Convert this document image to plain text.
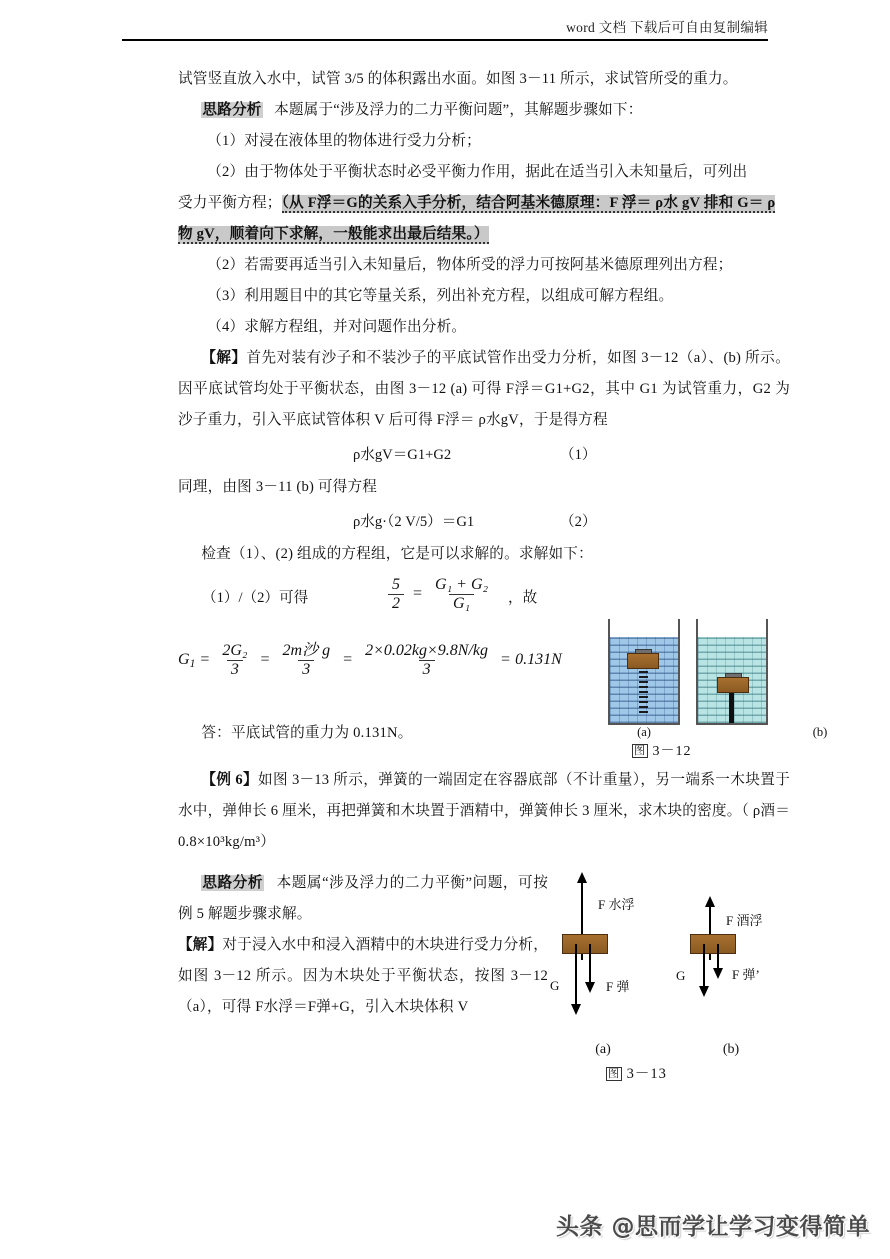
word 文档 下载后可自由复制编辑

试管竖直放入水中，试管 3/5 的体积露出水面。如图 3－11 所示，求试管所受的重力。

思路分析 本题属于“涉及浮力的二力平衡问题”，其解题步骤如下：

（1）对浸在液体里的物体进行受力分析；

（2）由于物体处于平衡状态时必受平衡力作用，据此在适当引入未知量后，可列出

受力平衡方程；（从 F浮＝G的关系入手分析，结合阿基米德原理：F 浮＝ ρ水 gV 排和 G＝ ρ

物 gV，顺着向下求解，一般能求出最后结果。）

（2）若需要再适当引入未知量后，物体所受的浮力可按阿基米德原理列出方程；

（3）利用题目中的其它等量关系，列出补充方程，以组成可解方程组。

（4）求解方程组，并对问题作出分析。

【解】首先对装有沙子和不装沙子的平底试管作出受力分析，如图 3－12（a）、(b) 所示。因平底试管均处于平衡状态，由图 3－12 (a) 可得 F浮＝G1+G2，其中 G1 为试管重力，G2 为沙子重力，引入平底试管体积 V 后可得 F浮＝ ρ水gV，于是得方程

ρ水gV＝G1+G2	（1）

同理，由图 3－11 (b) 可得方程

ρ水g·（2 V/5）＝G1	（2）

检查（1）、(2) 组成的方程组，它是可以求解的。求解如下：

（1）/（2）可得	$\frac{5}{2} = \frac{\text{G₁ + G₂}}{\text{G₁}}$ ，故
$G_1 = \frac{\text{2G₂}}{3} = \frac{\text{2m沙 g}}{3} = \frac{2\times 0.02kg\times 9.8N/kg}{3} = 0.131N$

答：平底试管的重力为 0.131N。

【例 6】如图 3－13 所示，弹簧的一端固定在容器底部（不计重量），另一端系一木块置于水中，弹伸长 6 厘米，再把弹簧和木块置于酒精中，弹簧伸长 3 厘米，求木块的密度。（ ρ酒＝0.8×10³kg/m³）

思路分析 本题属“涉及浮力的二力平衡”问题，可按例 5 解题步骤求解。

【解】对于浸入水中和浸入酒精中的木块进行受力分析，如图 3－12 所示。因为木块处于平衡状态，按图 3－12（a），可得 F水浮＝F弹+G，引入木块体积 V

(a)	(b)
图 3－12
F 水浮
G	F 弹
(a)
F 酒浮
G	F 弹’
(b)
图 3－13
头条 @思而学让学习变得简单
